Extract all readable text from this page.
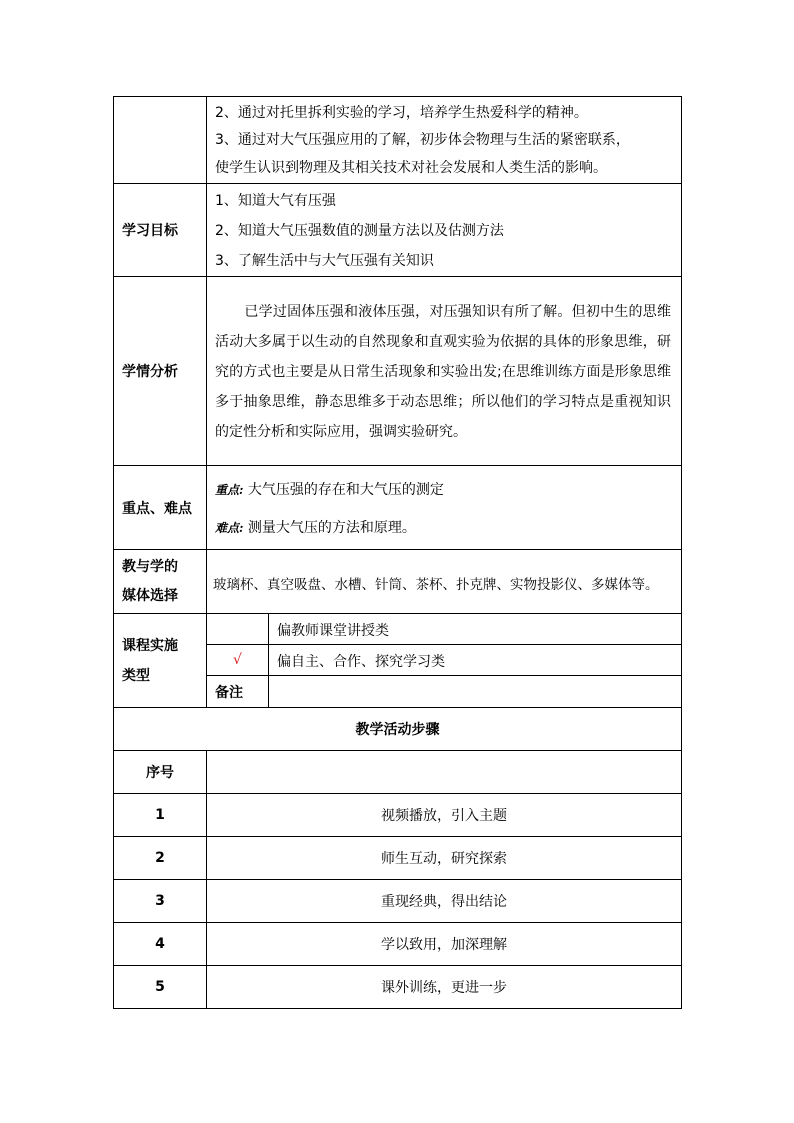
	2、通过对托里拆利实验的学习，培养学生热爱科学的精神。
3、通过对大气压强应用的了解，初步体会物理与生活的紧密联系，
使学生认识到物理及其相关技术对社会发展和人类生活的影响。	

学习目标	1、知道大气有压强
2、知道大气压强数值的测量方法以及估测方法
3、了解生活中与大气压强有关知识	

学情分析	已学过固体压强和液体压强，对压强知识有所了解。但初中生的思维活动大多属于以生动的自然现象和直观实验为依据的具体的形象思维，研究的方式也主要是从日常生活现象和实验出发;在思维训练方面是形象思维多于抽象思维，静态思维多于动态思维；所以他们的学习特点是重视知识的定性分析和实际应用，强调实验研究。	

重点、难点	重点: 大气压强的存在和大气压的测定
难点: 测量大气压的方法和原理。	

教与学的
媒体选择	玻璃杯、真空吸盘、水槽、针筒、茶杯、扑克牌、实物投影仪、多媒体等。	

课程实施
类型		偏教师课堂讲授类
	√	偏自主、合作、探究学习类
	备注	
教学活动步骤		
序号		
1	视频播放，引入主题	
2	师生互动，研究探索	
3	重现经典，得出结论	
4	学以致用，加深理解	
5	课外训练，更进一步	
